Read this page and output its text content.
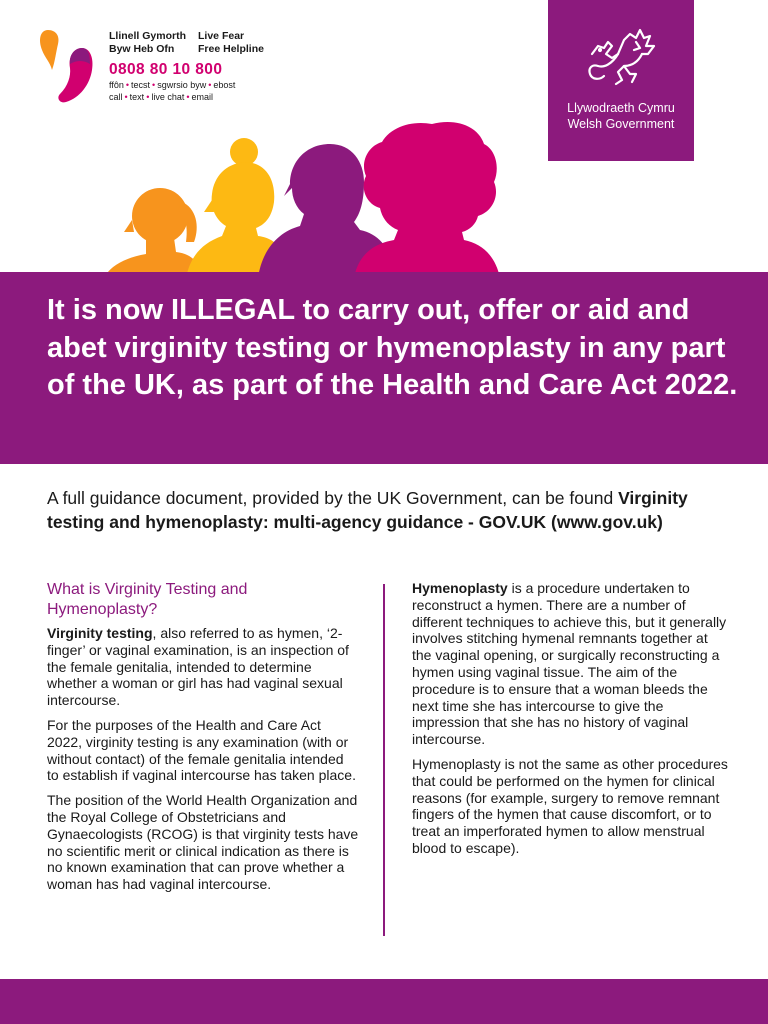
Llinell Gymorth
Byw Heb Ofn
Live Fear
Free Helpline
0808 80 10 800
ffôn • tecst • sgwrsio byw • ebost
call • text • live chat • email
Llywodraeth Cymru
Welsh Government
It is now ILLEGAL to carry out, offer or aid and abet virginity testing or hymenoplasty in any part of the UK, as part of the Health and Care Act 2022.
A full guidance document, provided by the UK Government, can be found Virginity testing and hymenoplasty: multi-agency guidance - GOV.UK (www.gov.uk)
What is Virginity Testing and Hymenoplasty?

Virginity testing, also referred to as hymen, ‘2-finger’ or vaginal examination, is an inspection of the female genitalia, intended to determine whether a woman or girl has had vaginal sexual intercourse.

For the purposes of the Health and Care Act 2022, virginity testing is any examination (with or without contact) of the female genitalia intended to establish if vaginal intercourse has taken place.

The position of the World Health Organization and the Royal College of Obstetricians and Gynaecologists (RCOG) is that virginity tests have no scientific merit or clinical indication as there is no known examination that can prove whether a woman has had vaginal intercourse.

Hymenoplasty is a procedure undertaken to reconstruct a hymen. There are a number of different techniques to achieve this, but it generally involves stitching hymenal remnants together at the vaginal opening, or surgically reconstructing a hymen using vaginal tissue. The aim of the procedure is to ensure that a woman bleeds the next time she has intercourse to give the impression that she has no history of vaginal intercourse.

Hymenoplasty is not the same as other procedures that could be performed on the hymen for clinical reasons (for example, surgery to remove remnant fingers of the hymen that cause discomfort, or to treat an imperforated hymen to allow menstrual blood to escape).
